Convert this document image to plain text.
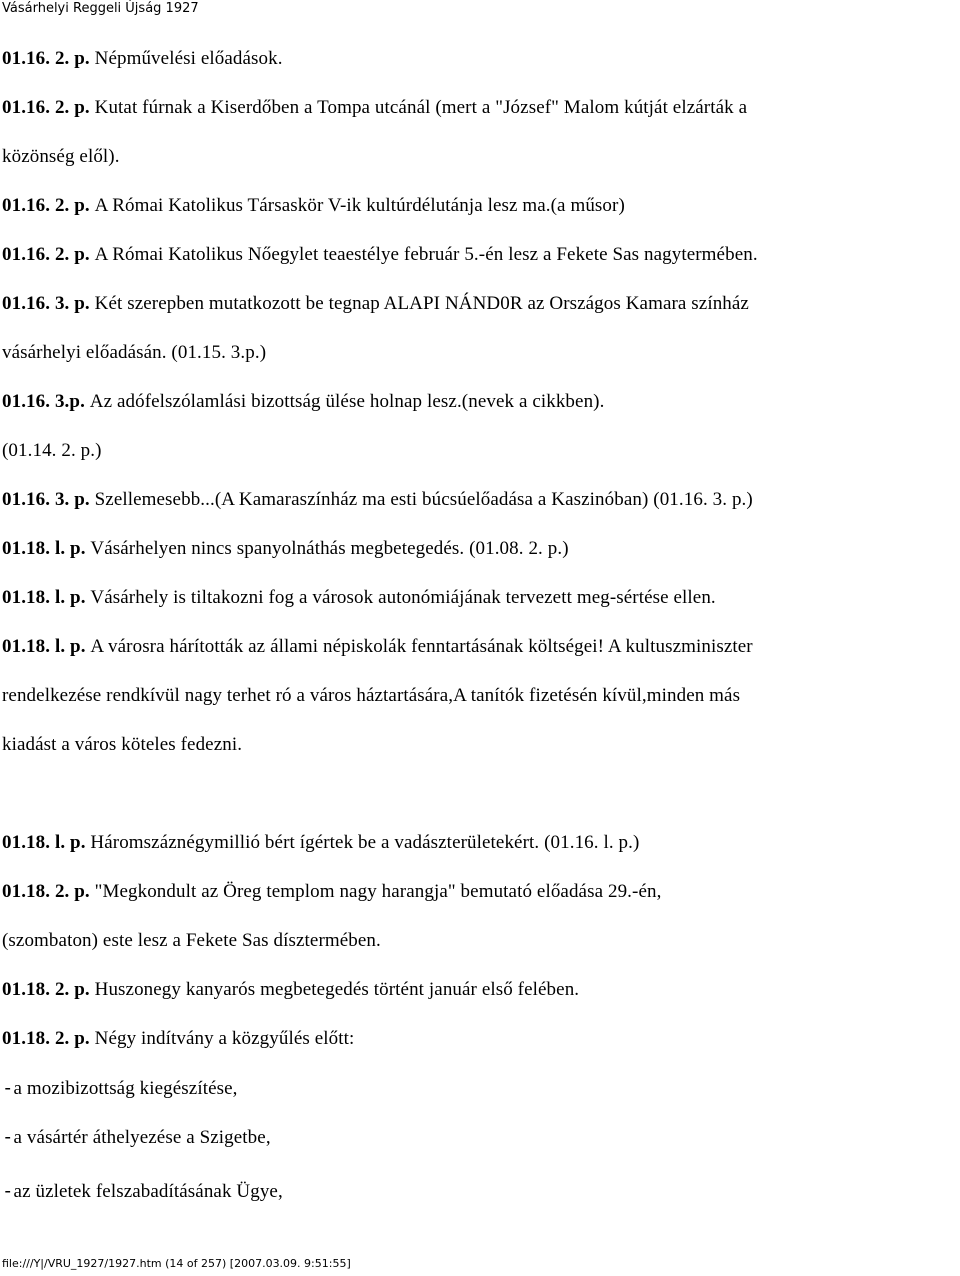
Vásárhelyi Reggeli Újság 1927
01.16. 2. p. Népművelési előadások.
01.16. 2. p. Kutat fúrnak a Kiserdőben a Tompa utcánál (mert a "József" Malom kútját elzárták a
közönség elől).
01.16. 2. p. A Római Katolikus Társaskör V-ik kultúrdélutánja lesz ma.(a műsor)
01.16. 2. p. A Római Katolikus Nőegylet teaestélye február 5.-én lesz a Fekete Sas nagytermében.
01.16. 3. p. Két szerepben mutatkozott be tegnap ALAPI NÁND0R az Országos Kamara színház
vásárhelyi előadásán. (01.15. 3.p.)
01.16. 3.p. Az adófelszólamlási bizottság ülése holnap lesz.(nevek a cikkben).
(01.14. 2. p.)
01.16. 3. p. Szellemesebb...(A Kamaraszínház ma esti búcsúelőadása a Kaszinóban) (01.16. 3. p.)
01.18. l. p. Vásárhelyen nincs spanyolnáthás megbetegedés. (01.08. 2. p.)
01.18. l. p. Vásárhely is tiltakozni fog a városok autonómiájának tervezett meg-sértése ellen.
01.18. l. p. A városra hárították az állami népiskolák fenntartásának költségei! A kultuszminiszter
rendelkezése rendkívül nagy terhet ró a város háztartására,A tanítók fizetésén kívül,minden más
kiadást a város köteles fedezni.
01.18. l. p. Háromszáznégymillió bért ígértek be a vadászterületekért. (01.16. l. p.)
01.18. 2. p. "Megkondult az Öreg templom nagy harangja" bemutató előadása 29.-én,
(szombaton) este lesz a Fekete Sas dísztermében.
01.18. 2. p. Huszonegy kanyarós megbetegedés történt január első felében.
01.18. 2. p. Négy indítvány a közgyűlés előtt:
-a mozibizottság kiegészítése,
-a vásártér áthelyezése a Szigetbe,
-az üzletek felszabadításának Ügye,
file:///Y|/VRU_1927/1927.htm (14 of 257) [2007.03.09. 9:51:55]
